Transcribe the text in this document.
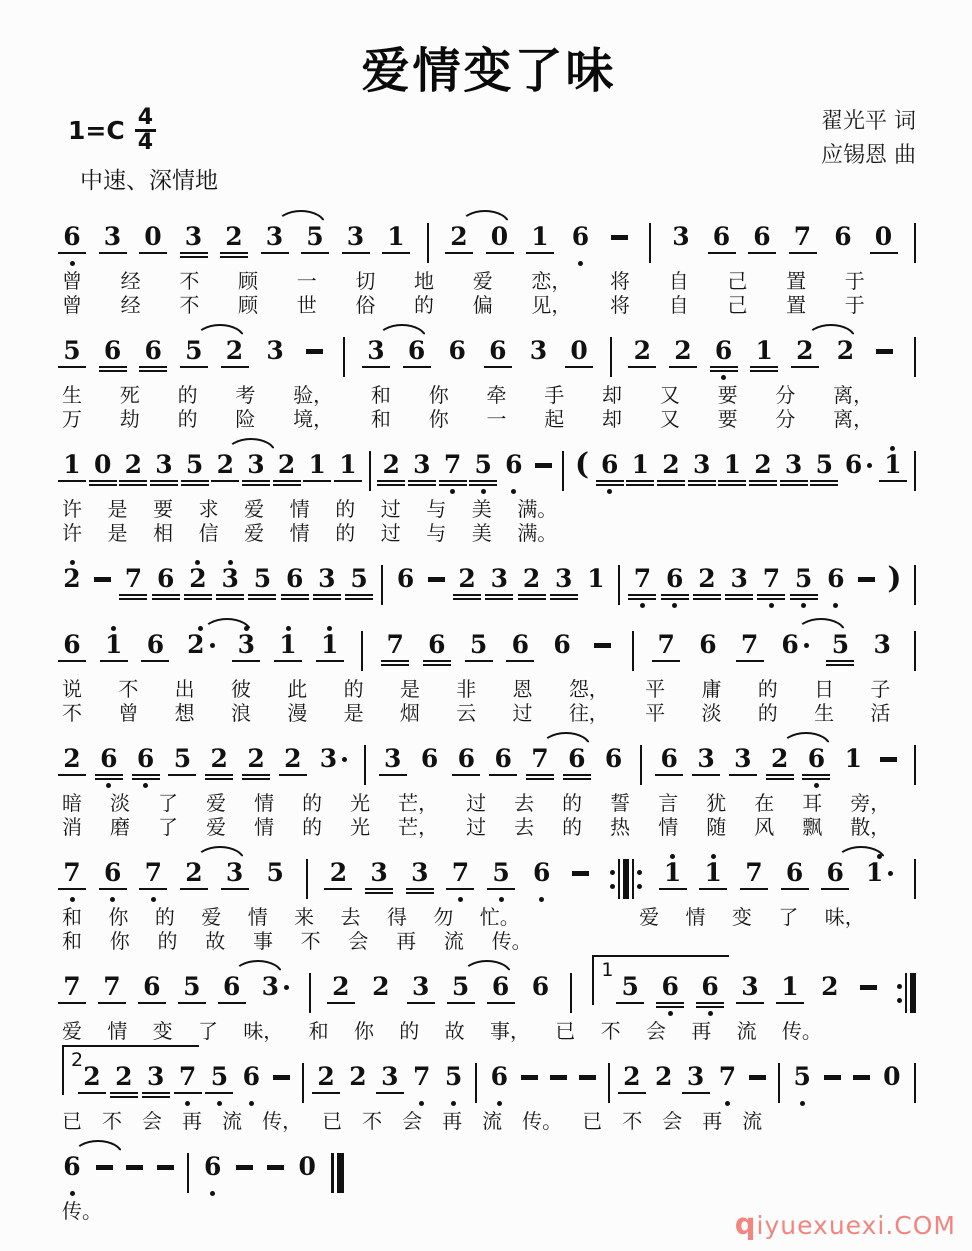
爱情变了味
$1=C \frac{4}{4}$	翟光平 词
应锡恩 曲
中速、深情地
6 3 0 3 2 3 5 3 1 2 0 1 6	3 6 6 7 6 0
曾 经 不 顾 一 切 地 爱 恋， 将 自 己 置 于
曾 经 不 顾 世 俗 的 偏 见， 将 自 己 置 于
5 6 6 5 2 3	3 6 6 6 3 0 2 2 6 1 2 2
生 死 的 考 验， 和 你 牵 手 却 又 要 分 离，
万 劫 的 险 境， 和 你 一 起 却 又 要 分 离，
1 0 2 3 5 2 3 2 1 1 2 3 7 5 6 ( 6 1 2 3 1 2 3 5 6 1
许 是 要 求 爱 情 的 过 与 美 满。
许 是 相 信 爱 情 的 过 与 美 满。
2 7 6 2 3 5 6 3 5 6 2 3 2 3 1 7 6 2 3 7 5 6 )
6 1 6 2 3 1 1 7 6 5 6 6	7 6 7 6 5 3
说 不 出 彼 此 的 是 非 恩 怨， 平 庸 的 日 子
不 曾 想 浪 漫 是 烟 云 过 往， 平 淡 的 生 活
2 6 6 5 2 2 2 3 3 6 6 6 7 6 6 6 3 3 2 6 1
暗 淡 了 爱 情 的 光 芒， 过 去 的 誓 言 犹 在 耳 旁，
消 磨 了 爱 情 的 光 芒， 过 去 的 热 情 随 风 飘 散，
7 6 7 2 3 5 2 3 3 7 5 6	1 1 7 6 6 1
和 你 的 爱 情 来 去 得 勿 忙。

　	爱 情 变 了 味，
和 你 的 故 事 不 会 再 流 传。
7 7 6 5 6 3 2 2 3 5 6 6
1
5 6 6 3 1 2
爱 情 变 了 味， 和 你 的 故 事， 已 不 会 再 流 传。
2
2 2 3 7 5 6 2 2 3 7 5 6	2 2 3 7 5	0
已 不 会 再 流 传， 已 不 会 再 流 传。 已 不 会 再 流
6	6	0
传。	qiyuexuexi.COM
